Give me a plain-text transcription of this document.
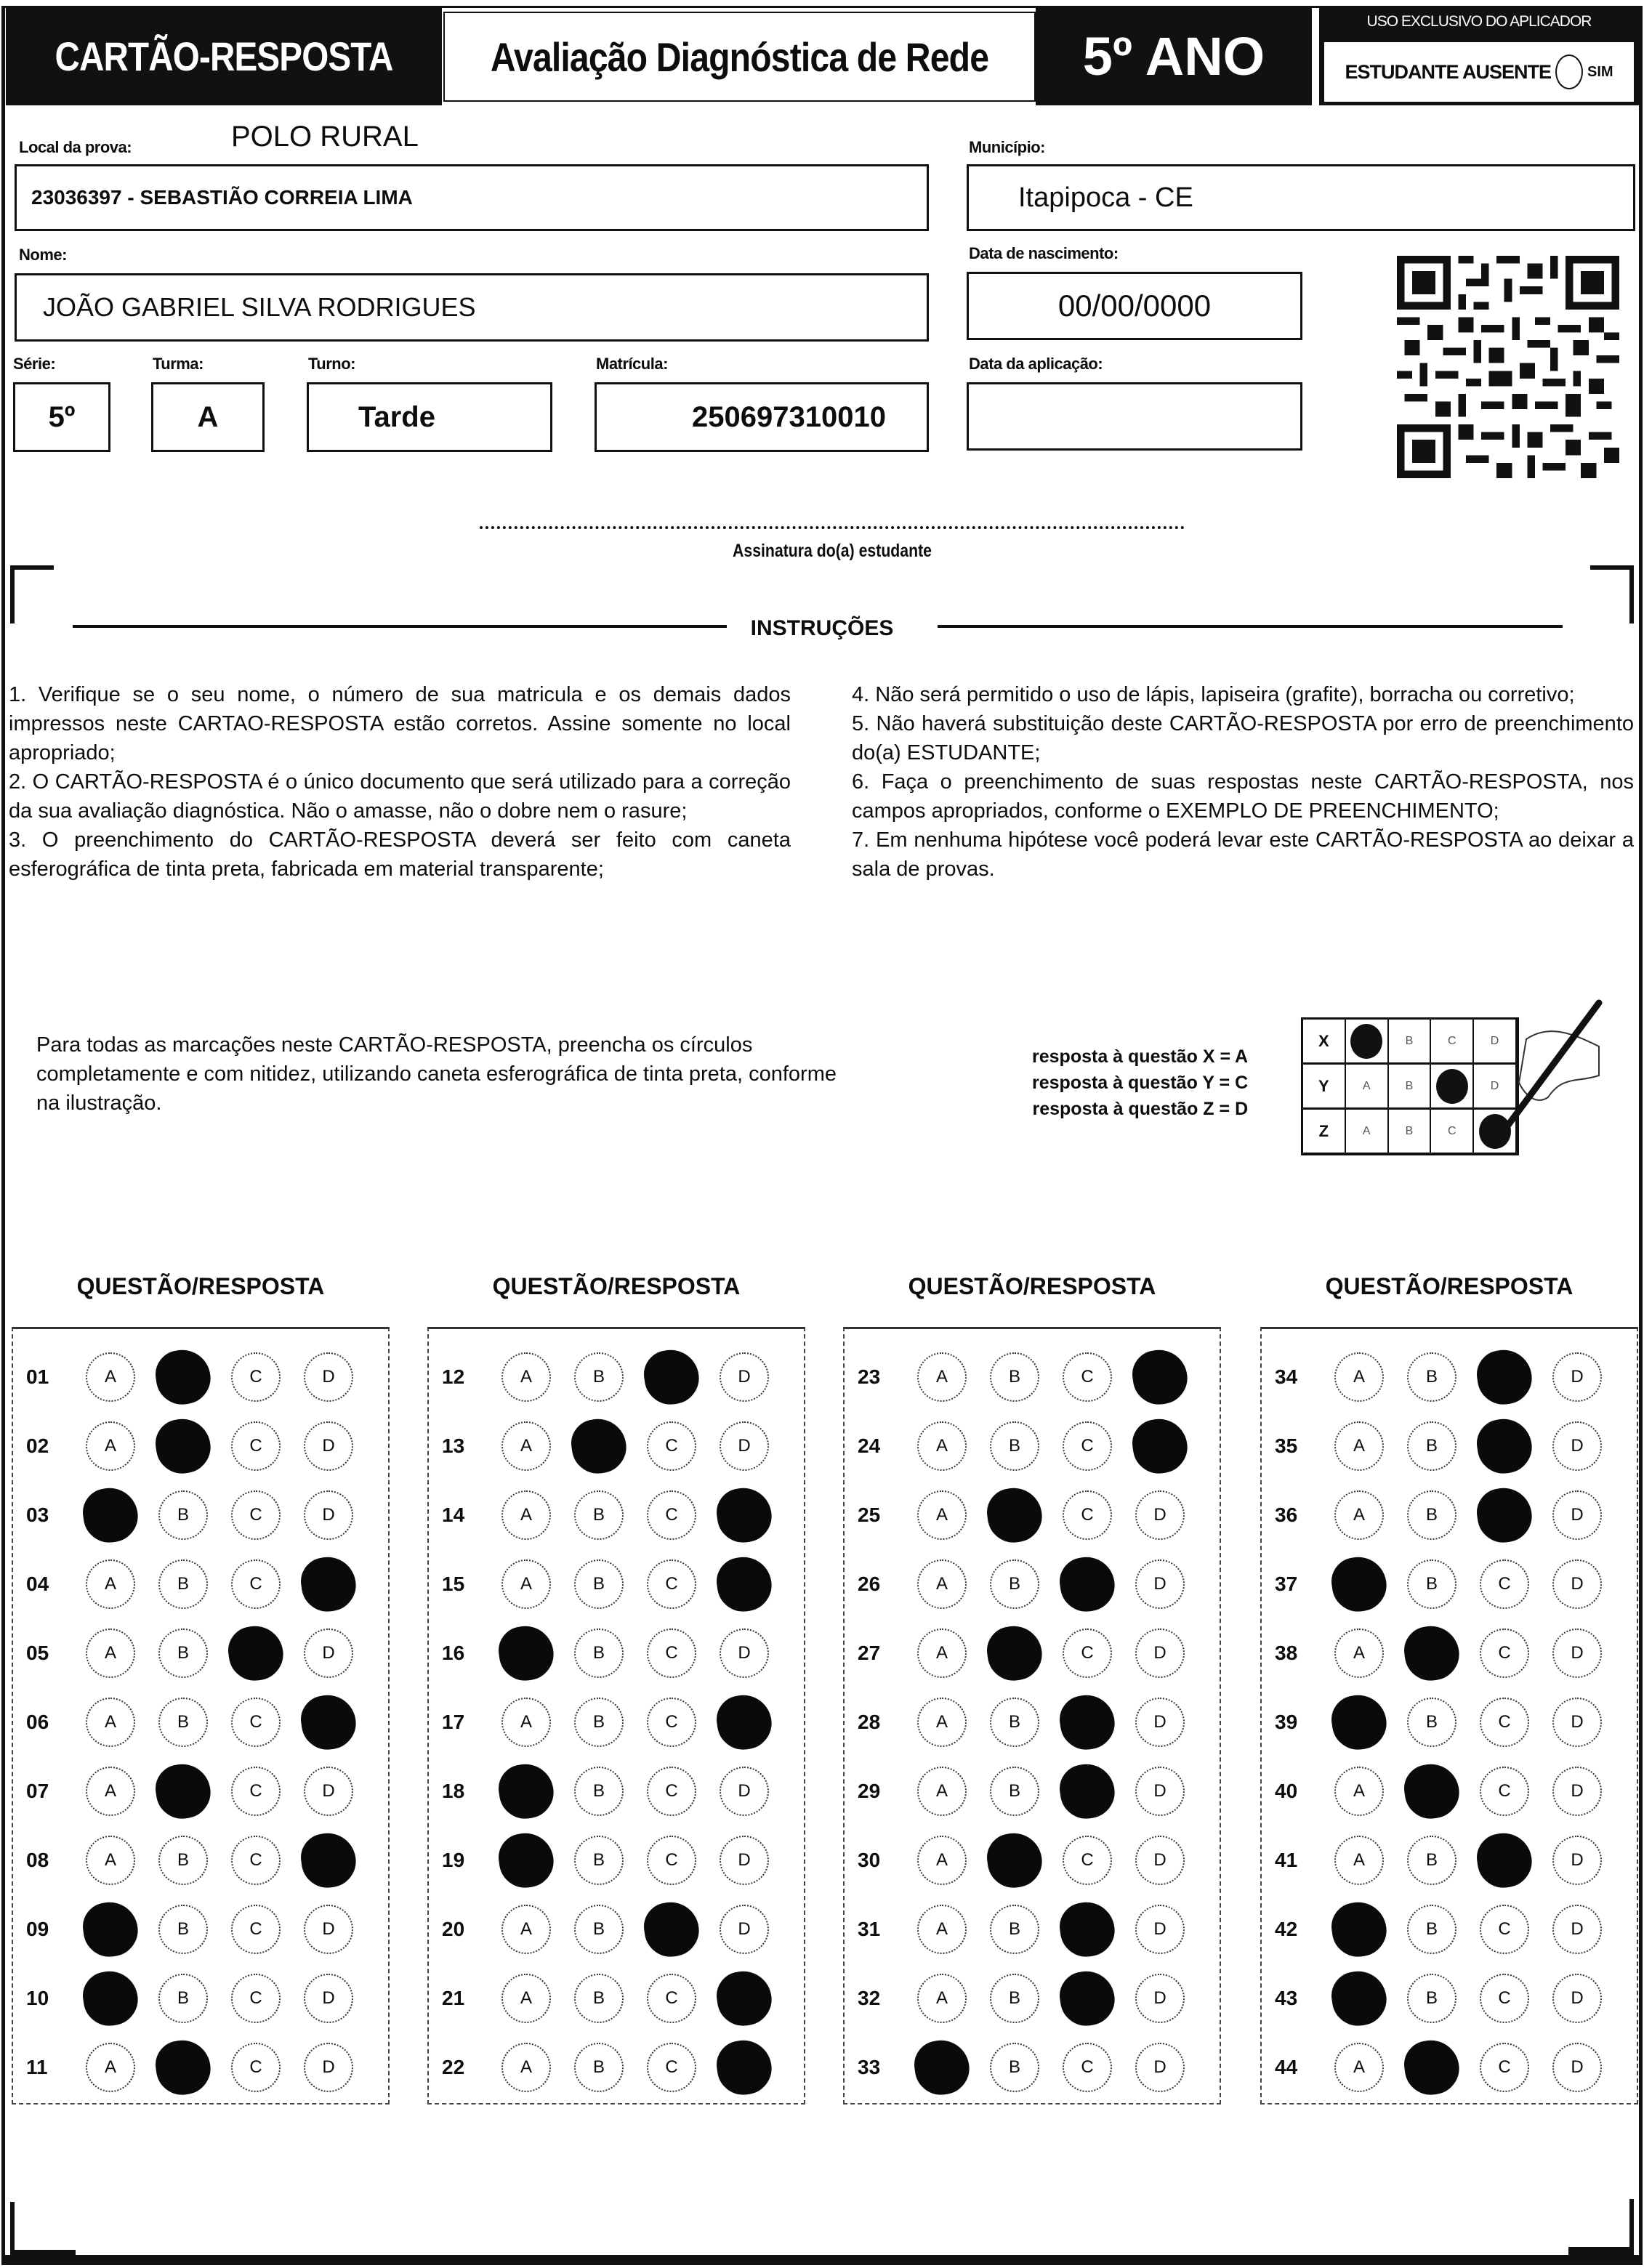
CARTÃO-RESPOSTA	Avaliação Diagnóstica de Rede	5º ANO
USO EXCLUSIVO DO APLICADOR
ESTUDANTE AUSENTE	SIM
Local da prova:	POLO RURAL
23036397 - SEBASTIÃO CORREIA LIMA
Município:
Itapipoca - CE
Nome:
JOÃO GABRIEL SILVA RODRIGUES
Data de nascimento:
00/00/0000
Série:
5º
Turma:
A
Turno:
Tarde
Matrícula:
250697310010
Data da aplicação:
Assinatura do(a) estudante
INSTRUÇÕES

1. Verifique se o seu nome, o número de sua matricula e os demais dados impressos neste CARTAO-RESPOSTA estão corretos. Assine somente no local apropriado;

2. O CARTÃO-RESPOSTA é o único documento que será utilizado para a correção da sua avaliação diagnóstica. Não o amasse, não o dobre nem o rasure;

3. O preenchimento do CARTÃO-RESPOSTA deverá ser feito com caneta esferográfica de tinta preta, fabricada em material transparente;

4. Não será permitido o uso de lápis, lapiseira (grafite), borracha ou corretivo;

5. Não haverá substituição deste CARTÃO-RESPOSTA por erro de preenchimento do(a) ESTUDANTE;

6. Faça o preenchimento de suas respostas neste CARTÃO-RESPOSTA, nos campos apropriados, conforme o EXEMPLO DE PREENCHIMENTO;

7. Em nenhuma hipótese você poderá levar este CARTÃO-RESPOSTA ao deixar a sala de provas.

Para todas as marcações neste CARTÃO-RESPOSTA, preencha os círculos completamente e com nitidez, utilizando caneta esferográfica de tinta preta, conforme na ilustração.
resposta à questão X = A
resposta à questão Y = C
resposta à questão Z = D
X	B	C	D
Y	A	B	D
Z	A	B	C
QUESTÃO/RESPOSTA
01	A	C	D
02	A	C	D
03	B	C	D
04	A	B	C
05	A	B	D
06	A	B	C
07	A	C	D
08	A	B	C
09	B	C	D
10	B	C	D
11	A	C	D
QUESTÃO/RESPOSTA
12	A	B	D
13	A	C	D
14	A	B	C
15	A	B	C
16	B	C	D
17	A	B	C
18	B	C	D
19	B	C	D
20	A	B	D
21	A	B	C
22	A	B	C
QUESTÃO/RESPOSTA
23	A	B	C
24	A	B	C
25	A	C	D
26	A	B	D
27	A	C	D
28	A	B	D
29	A	B	D
30	A	C	D
31	A	B	D
32	A	B	D
33	B	C	D
QUESTÃO/RESPOSTA
34	A	B	D
35	A	B	D
36	A	B	D
37	B	C	D
38	A	C	D
39	B	C	D
40	A	C	D
41	A	B	D
42	B	C	D
43	B	C	D
44	A	C	D
